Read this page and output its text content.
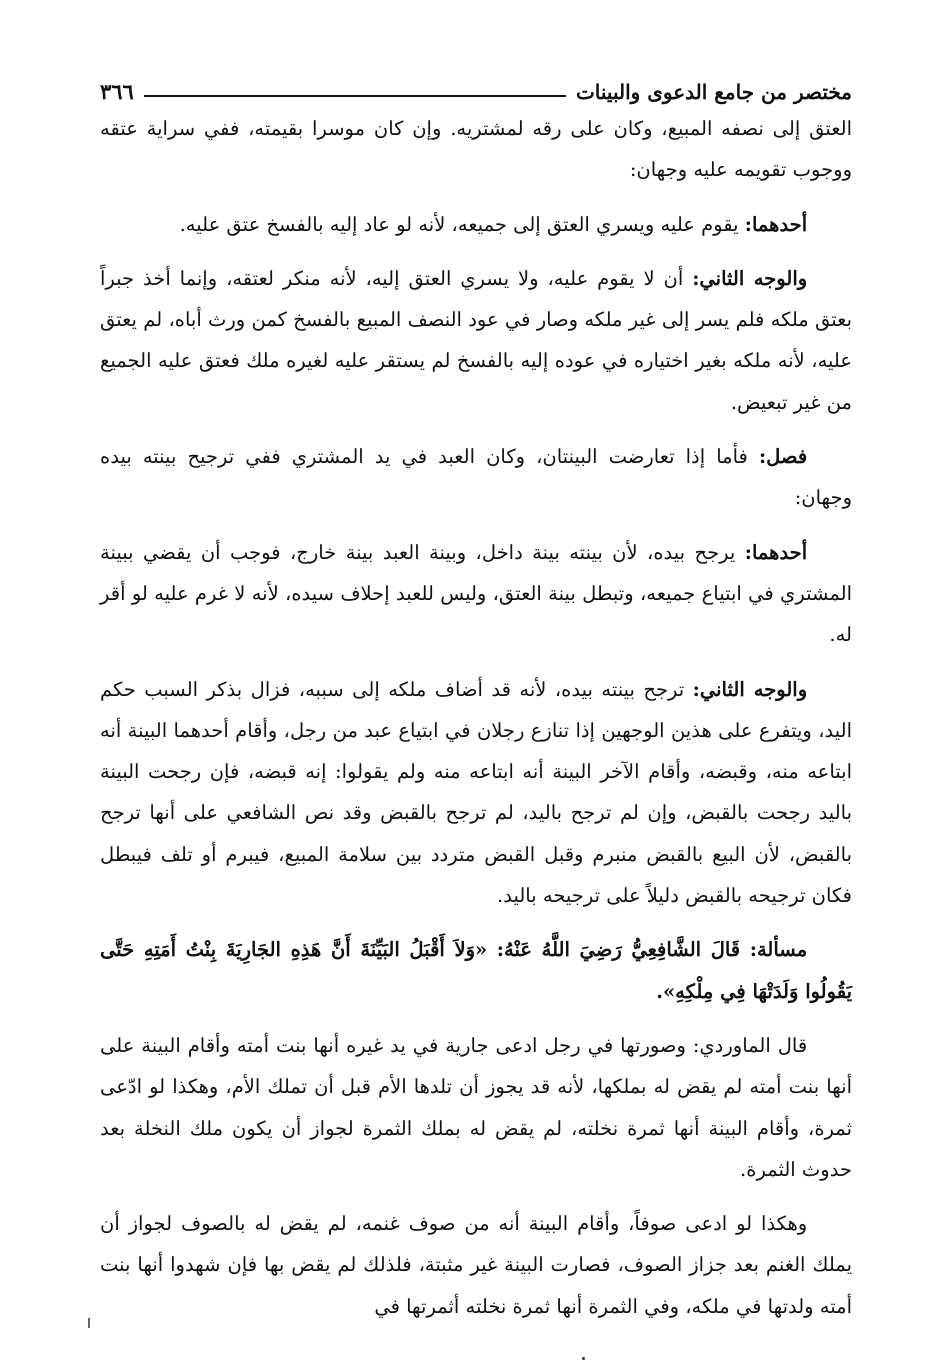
مختصر من جامع الدعوى والبينات
٣٦٦

العتق إلى نصفه المبيع، وكان على رقه لمشتريه. وإن كان موسرا بقيمته، ففي سراية عتقه ووجوب تقويمه عليه وجهان:

أحدهما: يقوم عليه ويسري العتق إلى جميعه، لأنه لو عاد إليه بالفسخ عتق عليه.

والوجه الثاني: أن لا يقوم عليه، ولا يسري العتق إليه، لأنه منكر لعتقه، وإنما أخذ جبراً بعتق ملكه فلم يسر إلى غير ملكه وصار في عود النصف المبيع بالفسخ كمن ورث أباه، لم يعتق عليه، لأنه ملكه بغير اختياره في عوده إليه بالفسخ لم يستقر عليه لغيره ملك فعتق عليه الجميع من غير تبعيض.

فصل: فأما إذا تعارضت البينتان، وكان العبد في يد المشتري ففي ترجيح بينته بيده وجهان:

أحدهما: يرجح بيده، لأن بينته بينة داخل، وبينة العبد بينة خارج، فوجب أن يقضي ببينة المشتري في ابتياع جميعه، وتبطل بينة العتق، وليس للعبد إحلاف سيده، لأنه لا غرم عليه لو أقر له.

والوجه الثاني: ترجح بينته بيده، لأنه قد أضاف ملكه إلى سببه، فزال بذكر السبب حكم اليد، ويتفرع على هذين الوجهين إذا تنازع رجلان في ابتياع عبد من رجل، وأقام أحدهما البينة أنه ابتاعه منه، وقبضه، وأقام الآخر البينة أنه ابتاعه منه ولم يقولوا: إنه قبضه، فإن رجحت البينة باليد رجحت بالقبض، وإن لم ترجح باليد، لم ترجح بالقبض وقد نص الشافعي على أنها ترجح بالقبض، لأن البيع بالقبض منبرم وقبل القبض متردد بين سلامة المبيع، فيبرم أو تلف فيبطل فكان ترجيحه بالقبض دليلاً على ترجيحه باليد.

مسألة: قَالَ الشَّافِعِيُّ رَضِيَ اللَّهُ عَنْهُ: «وَلاَ أَقْبَلُ البَيِّنَةَ أَنَّ هَذِهِ الجَارِيَةَ بِنْتُ أَمَتِهِ حَتَّى يَقُولُوا وَلَدَتْهَا فِي مِلْكِهِ».

قال الماوردي: وصورتها في رجل ادعى جارية في يد غيره أنها بنت أمته وأقام البينة على أنها بنت أمته لم يقض له بملكها، لأنه قد يجوز أن تلدها الأم قبل أن تملك الأم، وهكذا لو ادّعى ثمرة، وأقام البينة أنها ثمرة نخلته، لم يقض له بملك الثمرة لجواز أن يكون ملك النخلة بعد حدوث الثمرة.

وهكذا لو ادعى صوفاً، وأقام البينة أنه من صوف غنمه، لم يقض له بالصوف لجواز أن يملك الغنم بعد جزاز الصوف، فصارت البينة غير مثبتة، فلذلك لم يقض بها فإن شهدوا أنها بنت أمته ولدتها في ملكه، وفي الثمرة أنها ثمرة نخلته أثمرتها في
